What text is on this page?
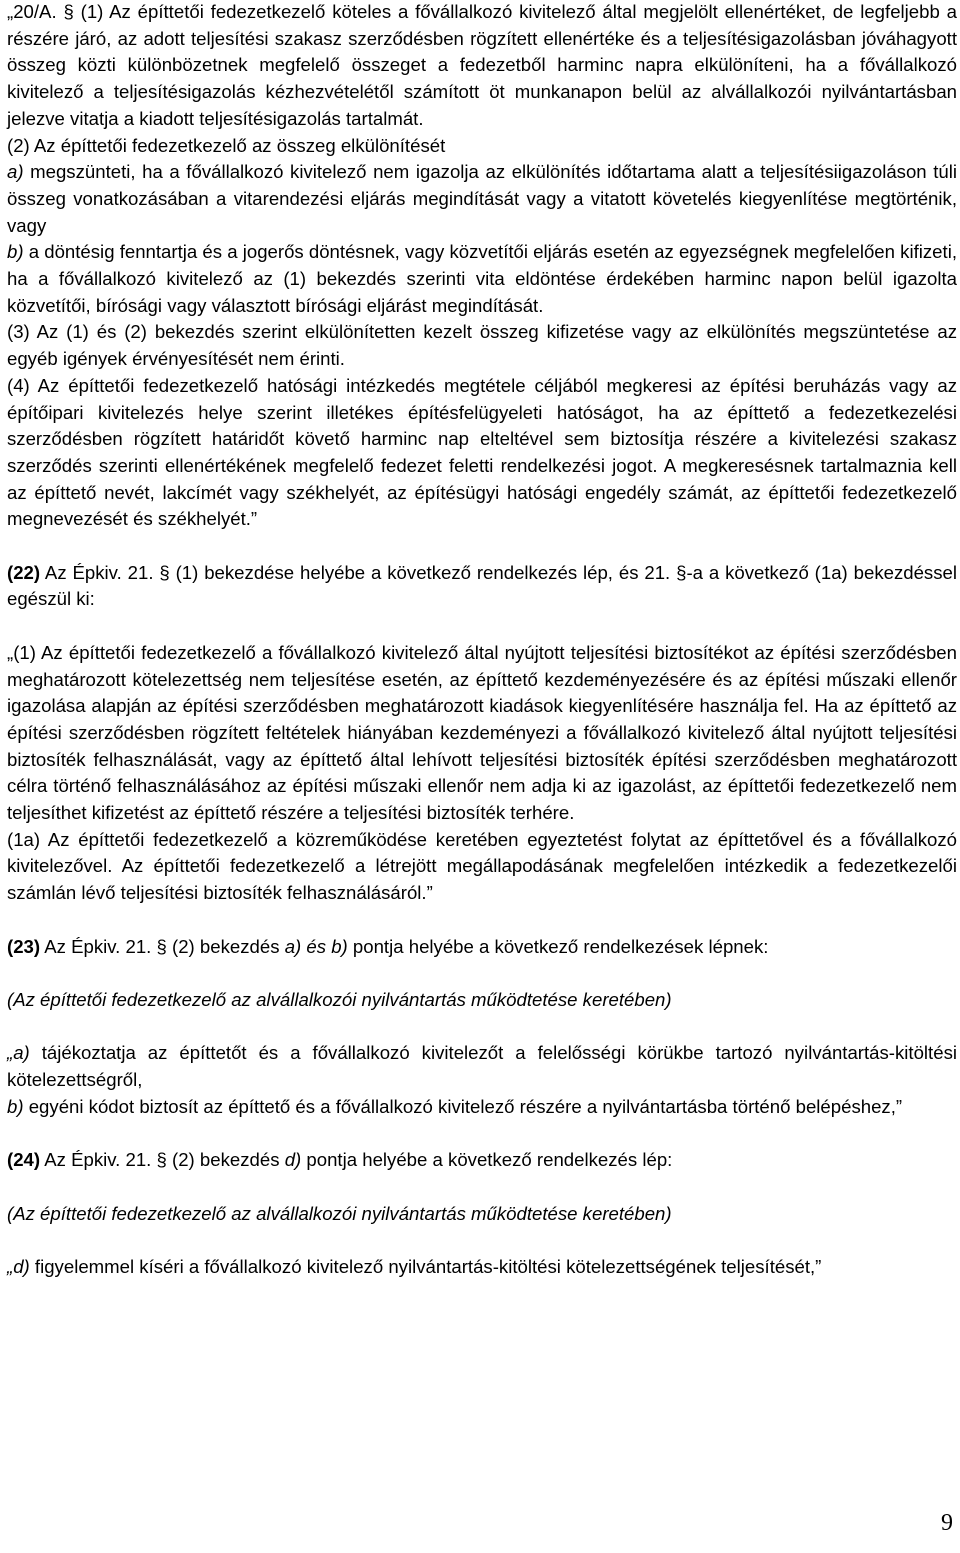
„20/A. § (1) Az építtetői fedezetkezelő köteles a fővállalkozó kivitelező által megjelölt ellenértéket, de legfeljebb a részére járó, az adott teljesítési szakasz szerződésben rögzített ellenértéke és a teljesítésigazolásban jóváhagyott összeg közti különbözetnek megfelelő összeget a fedezetből harminc napra elkülöníteni, ha a fővállalkozó kivitelező a teljesítésigazolás kézhezvételétől számított öt munkanapon belül az alvállalkozói nyilvántartásban jelezve vitatja a kiadott teljesítésigazolás tartalmát.

(2) Az építtetői fedezetkezelő az összeg elkülönítését

a) megszünteti, ha a fővállalkozó kivitelező nem igazolja az elkülönítés időtartama alatt a teljesítésiigazoláson túli összeg vonatkozásában a vitarendezési eljárás megindítását vagy a vitatott követelés kiegyenlítése megtörténik, vagy

b) a döntésig fenntartja és a jogerős döntésnek, vagy közvetítői eljárás esetén az egyezségnek megfelelően kifizeti, ha a fővállalkozó kivitelező az (1) bekezdés szerinti vita eldöntése érdekében harminc napon belül igazolta közvetítői, bírósági vagy választott bírósági eljárást megindítását.

(3) Az (1) és (2) bekezdés szerint elkülönítetten kezelt összeg kifizetése vagy az elkülönítés megszüntetése az egyéb igények érvényesítését nem érinti.

(4) Az építtetői fedezetkezelő hatósági intézkedés megtétele céljából megkeresi az építési beruházás vagy az építőipari kivitelezés helye szerint illetékes építésfelügyeleti hatóságot, ha az építtető a fedezetkezelési szerződésben rögzített határidőt követő harminc nap elteltével sem biztosítja részére a kivitelezési szakasz szerződés szerinti ellenértékének megfelelő fedezet feletti rendelkezési jogot. A megkeresésnek tartalmaznia kell az építtető nevét, lakcímét vagy székhelyét, az építésügyi hatósági engedély számát, az építtetői fedezetkezelő megnevezését és székhelyét.”

(22) Az Épkiv. 21. § (1) bekezdése helyébe a következő rendelkezés lép, és 21. §-a a következő (1a) bekezdéssel egészül ki:

„(1) Az építtetői fedezetkezelő a fővállalkozó kivitelező által nyújtott teljesítési biztosítékot az építési szerződésben meghatározott kötelezettség nem teljesítése esetén, az építtető kezdeményezésére és az építési műszaki ellenőr igazolása alapján az építési szerződésben meghatározott kiadások kiegyenlítésére használja fel. Ha az építtető az építési szerződésben rögzített feltételek hiányában kezdeményezi a fővállalkozó kivitelező által nyújtott teljesítési biztosíték felhasználását, vagy az építtető által lehívott teljesítési biztosíték építési szerződésben meghatározott célra történő felhasználásához az építési műszaki ellenőr nem adja ki az igazolást, az építtetői fedezetkezelő nem teljesíthet kifizetést az építtető részére a teljesítési biztosíték terhére.

(1a) Az építtetői fedezetkezelő a közreműködése keretében egyeztetést folytat az építtetővel és a fővállalkozó kivitelezővel. Az építtetői fedezetkezelő a létrejött megállapodásának megfelelően intézkedik a fedezetkezelői számlán lévő teljesítési biztosíték felhasználásáról.”

(23) Az Épkiv. 21. § (2) bekezdés a) és b) pontja helyébe a következő rendelkezések lépnek:

(Az építtetői fedezetkezelő az alvállalkozói nyilvántartás működtetése keretében)

„a) tájékoztatja az építtetőt és a fővállalkozó kivitelezőt a felelősségi körükbe tartozó nyilvántartás-kitöltési kötelezettségről,

b) egyéni kódot biztosít az építtető és a fővállalkozó kivitelező részére a nyilvántartásba történő belépéshez,”

(24) Az Épkiv. 21. § (2) bekezdés d) pontja helyébe a következő rendelkezés lép:

(Az építtetői fedezetkezelő az alvállalkozói nyilvántartás működtetése keretében)

„d) figyelemmel kíséri a fővállalkozó kivitelező nyilvántartás-kitöltési kötelezettségének teljesítését,”

9
